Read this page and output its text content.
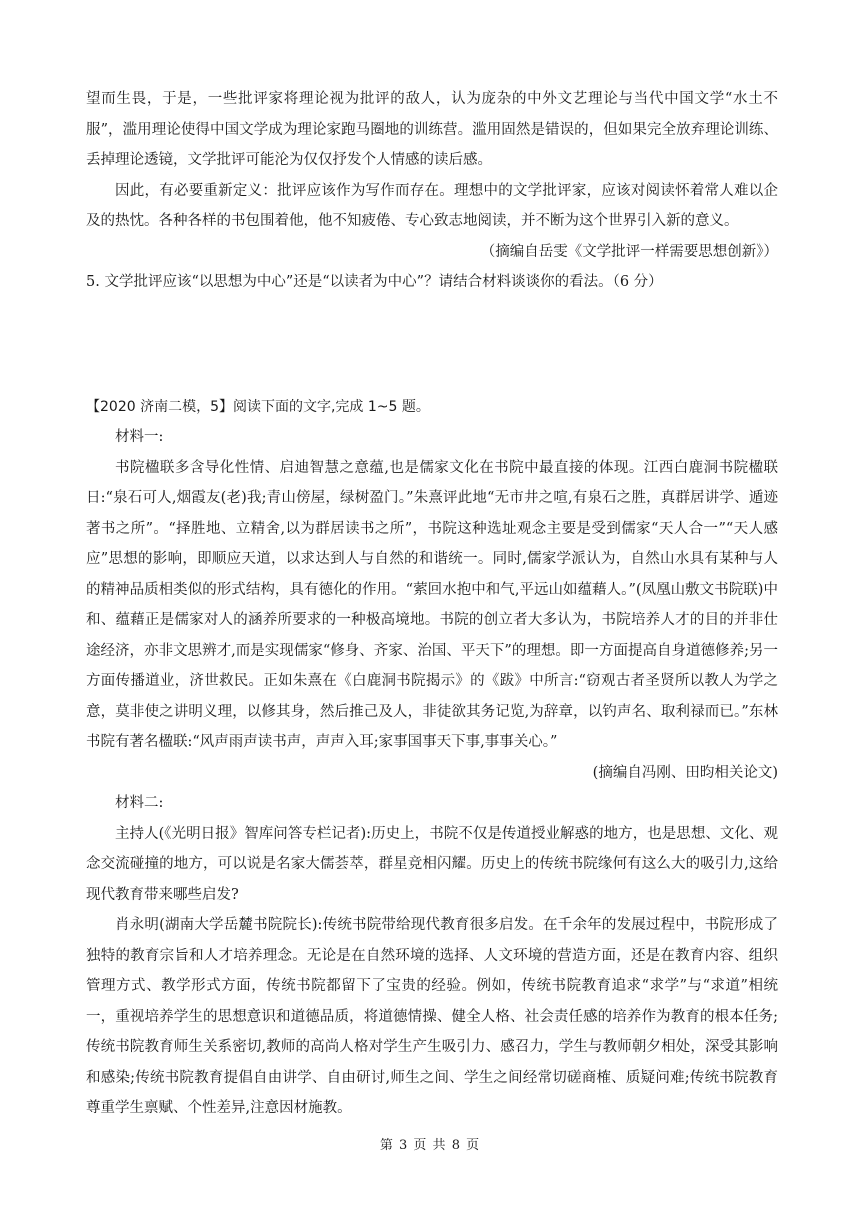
望而生畏，于是，一些批评家将理论视为批评的敌人，认为庞杂的中外文艺理论与当代中国文学“水土不服”，滥用理论使得中国文学成为理论家跑马圈地的训练营。滥用固然是错误的，但如果完全放弃理论训练、丢掉理论透镜，文学批评可能沦为仅仅抒发个人情感的读后感。

因此，有必要重新定义：批评应该作为写作而存在。理想中的文学批评家，应该对阅读怀着常人难以企及的热忱。各种各样的书包围着他，他不知疲倦、专心致志地阅读，并不断为这个世界引入新的意义。

（摘编自岳雯《文学批评一样需要思想创新》）

5. 文学批评应该“以思想为中心”还是“以读者为中心”？请结合材料谈谈你的看法。（6 分）

【2020 济南二模，5】阅读下面的文字,完成 1~5 题。

材料一:

书院楹联多含导化性情、启迪智慧之意蕴,也是儒家文化在书院中最直接的体现。江西白鹿洞书院楹联日:“泉石可人,烟霞友(老)我;青山傍屋，绿树盈门。”朱熹评此地“无市井之喧,有泉石之胜，真群居讲学、遁迹著书之所”。“择胜地、立精舍,以为群居读书之所”，书院这种选址观念主要是受到儒家“天人合一”“天人感应”思想的影响，即顺应天道，以求达到人与自然的和谐统一。同时,儒家学派认为，自然山水具有某种与人的精神品质相类似的形式结构，具有德化的作用。“萦回水抱中和气,平远山如蕴藉人。”(凤凰山敷文书院联)中和、蕴藉正是儒家对人的涵养所要求的一种极高境地。书院的创立者大多认为，书院培养人才的目的并非仕途经济，亦非文思辨才,而是实现儒家“修身、齐家、治国、平天下”的理想。即一方面提高自身道德修养;另一方面传播道业，济世救民。正如朱熹在《白鹿洞书院揭示》的《跋》中所言:“窃观古者圣贤所以教人为学之意，莫非使之讲明义理，以修其身，然后推己及人，非徒欲其务记览,为辞章，以钓声名、取利禄而已。”东林书院有著名楹联:“风声雨声读书声，声声入耳;家事国事天下事,事事关心。”

(摘编自冯刚、田昀相关论文)

材料二:

主持人(《光明日报》智库问答专栏记者):历史上，书院不仅是传道授业解惑的地方，也是思想、文化、观念交流碰撞的地方，可以说是名家大儒荟萃，群星竞相闪耀。历史上的传统书院缘何有这么大的吸引力,这给现代教育带来哪些启发?

肖永明(湖南大学岳麓书院院长):传统书院带给现代教育很多启发。在千余年的发展过程中，书院形成了独特的教育宗旨和人才培养理念。无论是在自然环境的选择、人文环境的营造方面，还是在教育内容、组织管理方式、教学形式方面，传统书院都留下了宝贵的经验。例如，传统书院教育追求“求学”与“求道”相统一，重视培养学生的思想意识和道德品质，将道德情操、健全人格、社会责任感的培养作为教育的根本任务;传统书院教育师生关系密切,教师的高尚人格对学生产生吸引力、感召力，学生与教师朝夕相处，深受其影响和感染;传统书院教育提倡自由讲学、自由研讨,师生之间、学生之间经常切磋商榷、质疑问难;传统书院教育尊重学生禀赋、个性差异,注意因材施教。

第 3 页 共 8 页
